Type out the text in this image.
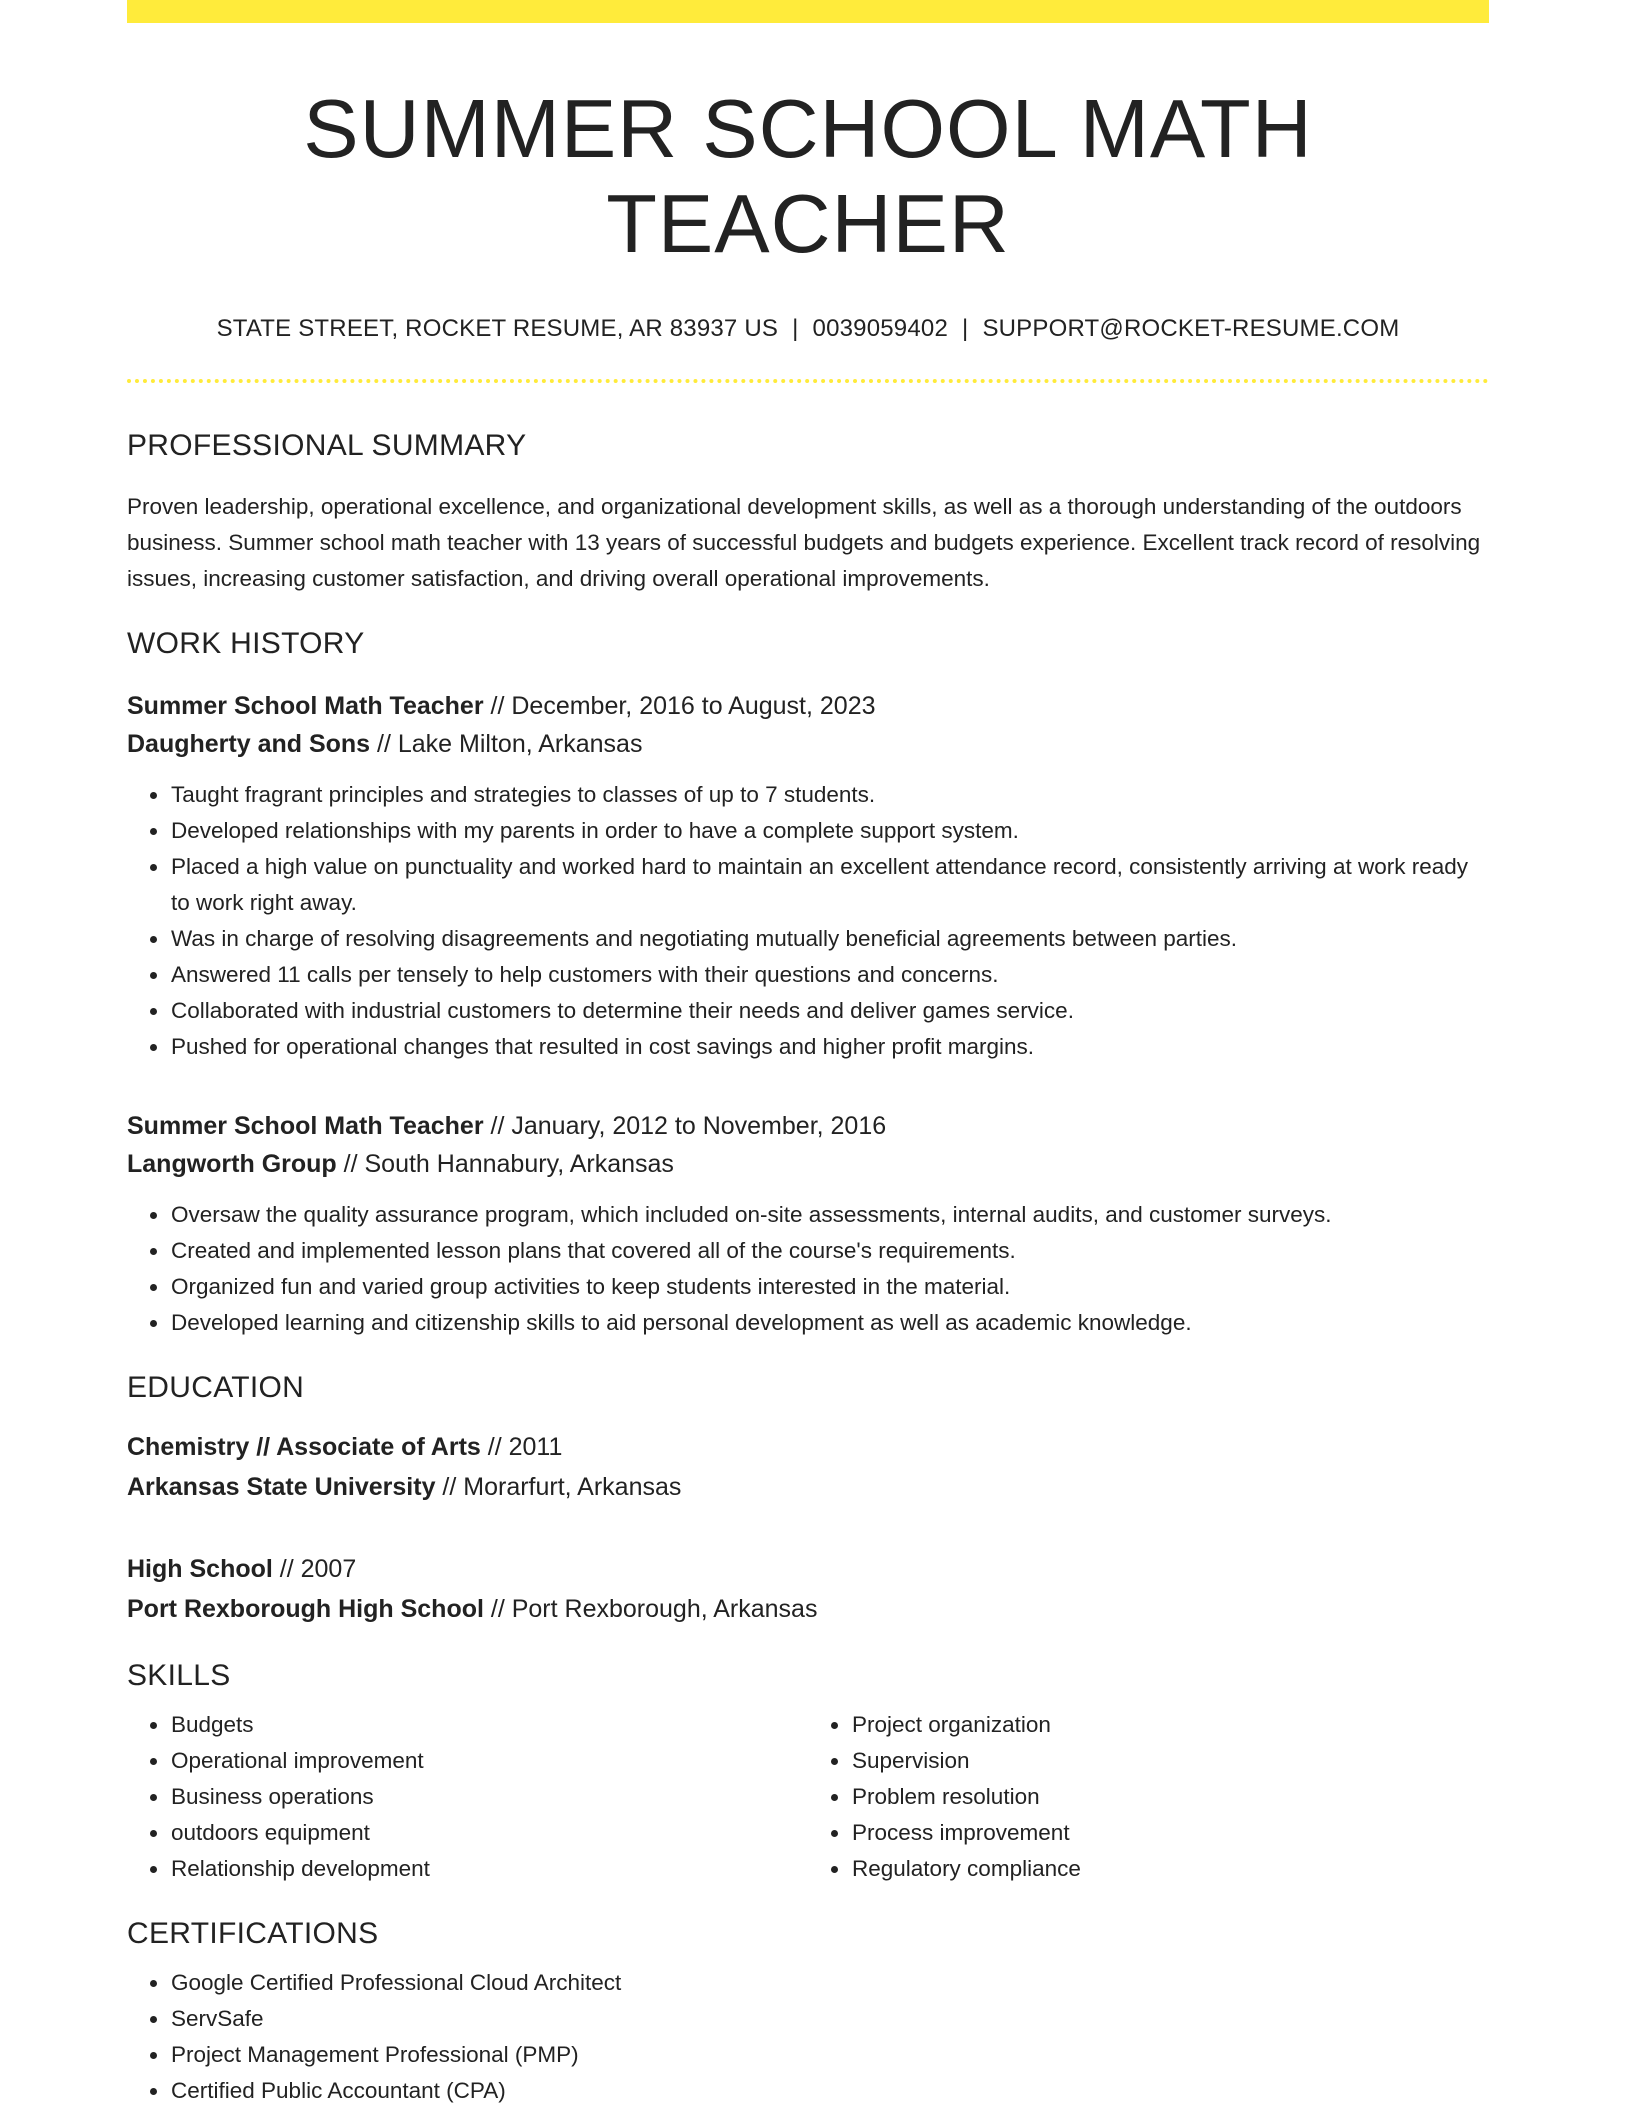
SUMMER SCHOOL MATH TEACHER
STATE STREET, ROCKET RESUME, AR 83937 US | 0039059402 | SUPPORT@ROCKET-RESUME.COM
PROFESSIONAL SUMMARY

Proven leadership, operational excellence, and organizational development skills, as well as a thorough understanding of the outdoors business. Summer school math teacher with 13 years of successful budgets and budgets experience. Excellent track record of resolving issues, increasing customer satisfaction, and driving overall operational improvements.

WORK HISTORY
Summer School Math Teacher // December, 2016 to August, 2023
Daugherty and Sons // Lake Milton, Arkansas
• Taught fragrant principles and strategies to classes of up to 7 students.
• Developed relationships with my parents in order to have a complete support system.
• Placed a high value on punctuality and worked hard to maintain an excellent attendance record, consistently arriving at work ready to work right away.
• Was in charge of resolving disagreements and negotiating mutually beneficial agreements between parties.
• Answered 11 calls per tensely to help customers with their questions and concerns.
• Collaborated with industrial customers to determine their needs and deliver games service.
• Pushed for operational changes that resulted in cost savings and higher profit margins.
Summer School Math Teacher // January, 2012 to November, 2016
Langworth Group // South Hannabury, Arkansas
• Oversaw the quality assurance program, which included on-site assessments, internal audits, and customer surveys.
• Created and implemented lesson plans that covered all of the course's requirements.
• Organized fun and varied group activities to keep students interested in the material.
• Developed learning and citizenship skills to aid personal development as well as academic knowledge.
EDUCATION
Chemistry // Associate of Arts // 2011
Arkansas State University // Morarfurt, Arkansas
High School // 2007
Port Rexborough High School // Port Rexborough, Arkansas
SKILLS
• Budgets
• Operational improvement
• Business operations
• outdoors equipment
• Relationship development
• Project organization
• Supervision
• Problem resolution
• Process improvement
• Regulatory compliance
CERTIFICATIONS
• Google Certified Professional Cloud Architect
• ServSafe
• Project Management Professional (PMP)
• Certified Public Accountant (CPA)
